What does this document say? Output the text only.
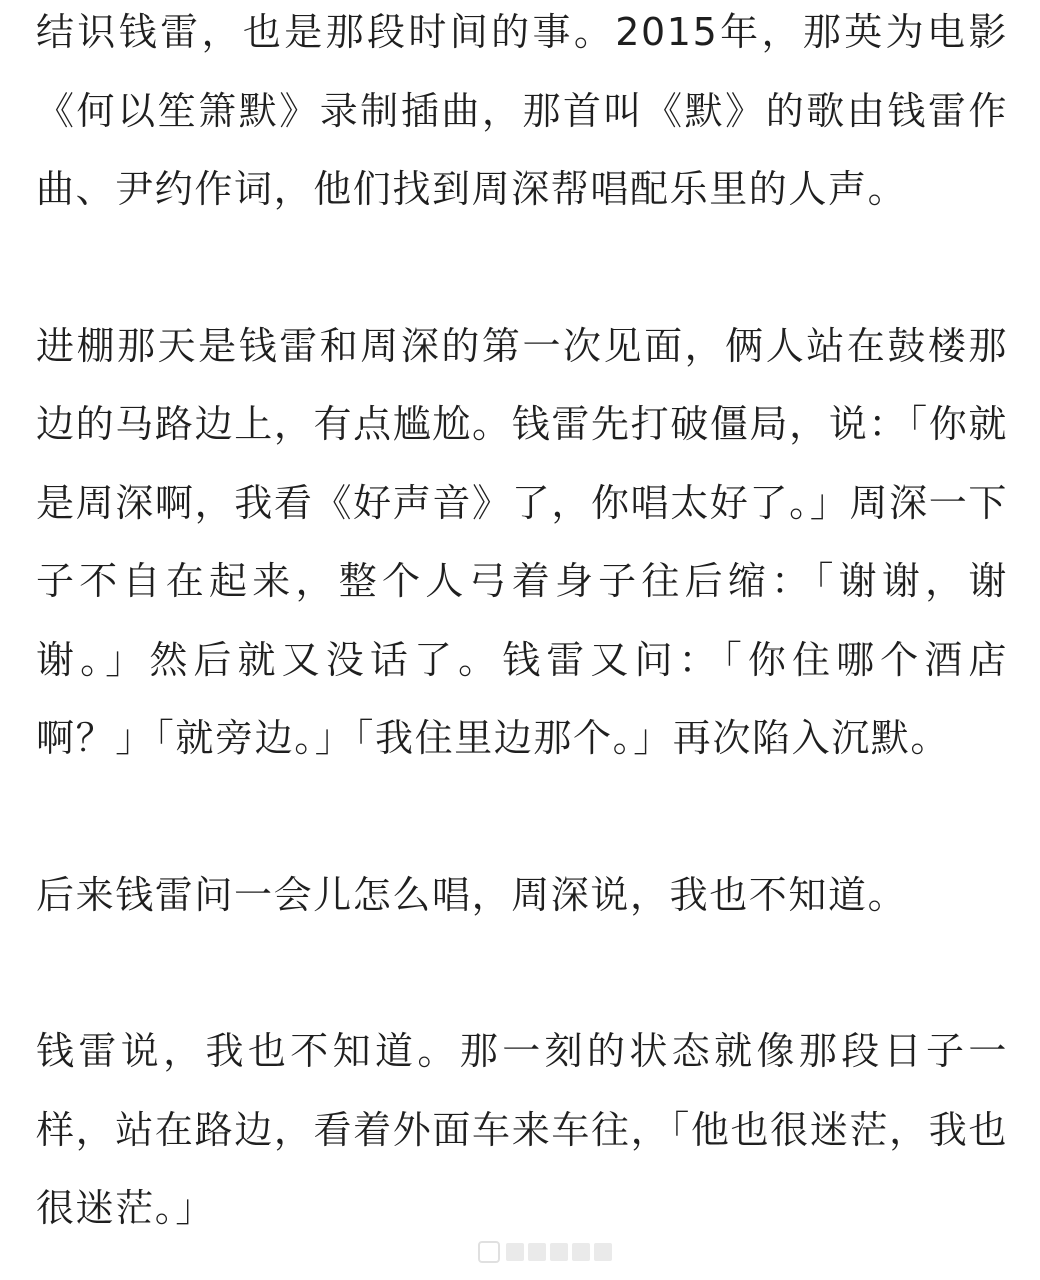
结识钱雷，也是那段时间的事。2015年，那英为电影《何以笙箫默》录制插曲，那首叫《默》的歌由钱雷作曲、尹约作词，他们找到周深帮唱配乐里的人声。

进棚那天是钱雷和周深的第一次见面，俩人站在鼓楼那边的马路边上，有点尴尬。钱雷先打破僵局，说：「你就是周深啊，我看《好声音》了，你唱太好了。」周深一下子不自在起来，整个人弓着身子往后缩：「谢谢，谢谢。」然后就又没话了。钱雷又问：「你住哪个酒店啊？」「就旁边。」「我住里边那个。」再次陷入沉默。

后来钱雷问一会儿怎么唱，周深说，我也不知道。

钱雷说，我也不知道。那一刻的状态就像那段日子一样，站在路边，看着外面车来车往，「他也很迷茫，我也很迷茫。」
